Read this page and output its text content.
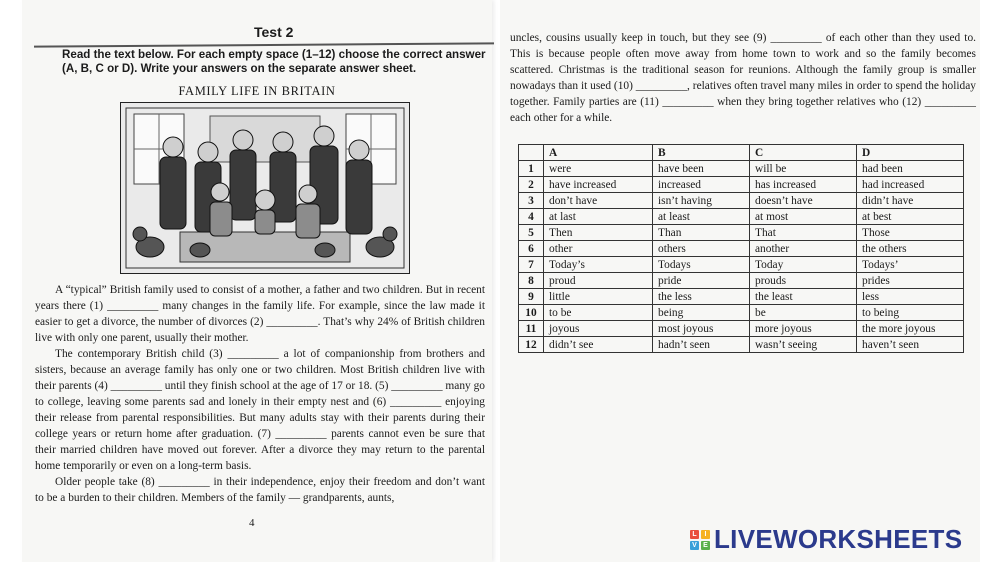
Test 2
Read the text below. For each empty space (1–12) choose the correct answer (A, B, C or D). Write your answers on the separate answer sheet.
FAMILY LIFE IN BRITAIN

A “typical” British family used to consist of a mother, a father and two children. But in recent years there (1) _________ many changes in the family life. For example, since the law made it easier to get a divorce, the number of divorces (2) _________. That’s why 24% of British children live with only one parent, usually their mother.

The contemporary British child (3) _________ a lot of companionship from brothers and sisters, because an average family has only one or two children. Most British children live with their parents (4) _________ until they finish school at the age of 17 or 18. (5) _________ many go to college, leaving some parents sad and lonely in their empty nest and (6) _________ enjoying their release from parental responsibilities. But many adults stay with their parents during their college years or return home after graduation. (7) _________ parents cannot even be sure that their married children have moved out forever. After a divorce they may return to the parental home temporarily or even on a long-term basis.

Older people take (8) _________ in their independence, enjoy their freedom and don’t want to be a burden to their children. Members of the family — grandparents, aunts,

4
uncles, cousins usually keep in touch, but they see (9) _________ of each other than they used to. This is because people often move away from home town to work and so the family becomes scattered. Christmas is the traditional season for reunions. Although the family group is smaller nowadays than it used (10) _________, relatives often travel many miles in order to spend the holiday together. Family parties are (11) _________ when they bring together relatives who (12) _________ each other for a while.
	A	B	C	D
1	were	have been	will be	had been
2	have increased	increased	has increased	had increased
3	don’t have	isn’t having	doesn’t have	didn’t have
4	at last	at least	at most	at best
5	Then	Than	That	Those
6	other	others	another	the others
7	Today’s	Todays	Today	Todays’
8	proud	pride	prouds	prides
9	little	the less	the least	less
10	to be	being	be	to being
11	joyous	most joyous	more joyous	the more joyous
12	didn’t see	hadn’t seen	wasn’t seeing	haven’t seen
L	I
V E LIVEWORKSHEETS
